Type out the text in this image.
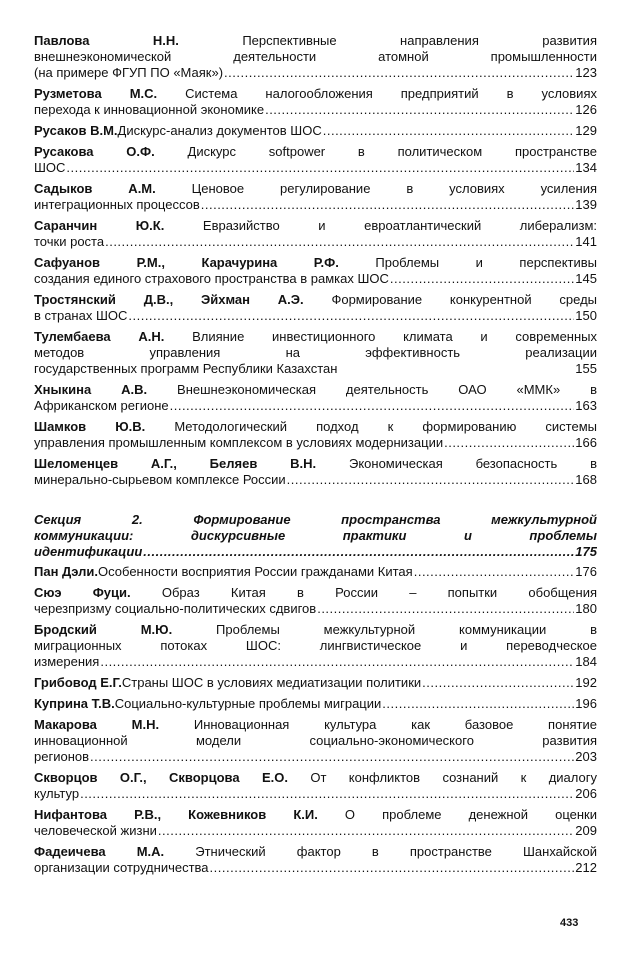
Павлова Н.Н. Перспективные направления развития
внешнеэкономической деятельности атомной промышленности
(на примере ФГУП ПО «Маяк») .....	123
Рузметова М.С. Система налогообложения предприятий в условиях
перехода к инновационной экономике .....	126
Русаков В.М. Дискурс-анализ документов ШОС .....	129
Русакова О.Ф. Дискурс softpower в политическом пространстве
ШОС .....	134
Садыков А.М. Ценовое регулирование в условиях усиления
интеграционных процессов .....	139
Саранчин Ю.К. Евразийство и евроатлантический либерализм:
точки роста .....	141
Сафуанов Р.М., Карачурина Р.Ф. Проблемы и перспективы
создания единого страхового пространства в рамках ШОС .....	145
Тростянский Д.В., Эйхман А.Э. Формирование конкурентной среды
в странах ШОС .....	150
Тулембаева А.Н. Влияние инвестиционного климата и современных
методов управления на эффективность реализации
государственных программ Республики Казахстан	155
Хныкина А.В. Внешнеэкономическая деятельность ОАО «ММК» в
Африканском регионе .....	163
Шамков Ю.В. Методологический подход к формированию системы
управления промышленным комплексом в условиях модернизации .....	166
Шеломенцев А.Г., Беляев В.Н. Экономическая безопасность в
минерально-сырьевом комплексе России .....	168
Секция 2. Формирование пространства межкультурной
коммуникации: дискурсивные практики и проблемы
идентификации .....	175
Пан Дэли. Особенности восприятия России гражданами Китая .....	176
Сюэ Фуци. Образ Китая в России – попытки обобщения
черезпризму социально-политических сдвигов .....	180
Бродский М.Ю. Проблемы межкультурной коммуникации в
миграционных потоках ШОС: лингвистическое и переводческое
измерения .....	184
Грибовод Е.Г. Страны ШОС в условиях медиатизации политики .....	192
Куприна Т.В. Социально-культурные проблемы миграции .....	196
Макарова М.Н. Инновационная культура как базовое понятие
инновационной модели социально-экономического развития
регионов .....	203
Скворцов О.Г., Скворцова Е.О. От конфликтов сознаний к диалогу
культур .....	206
Нифантова Р.В., Кожевников К.И. О проблеме денежной оценки
человеческой жизни .....	209
Фадеичева М.А. Этнический фактор в пространстве Шанхайской
организации сотрудничества .....	212
433
